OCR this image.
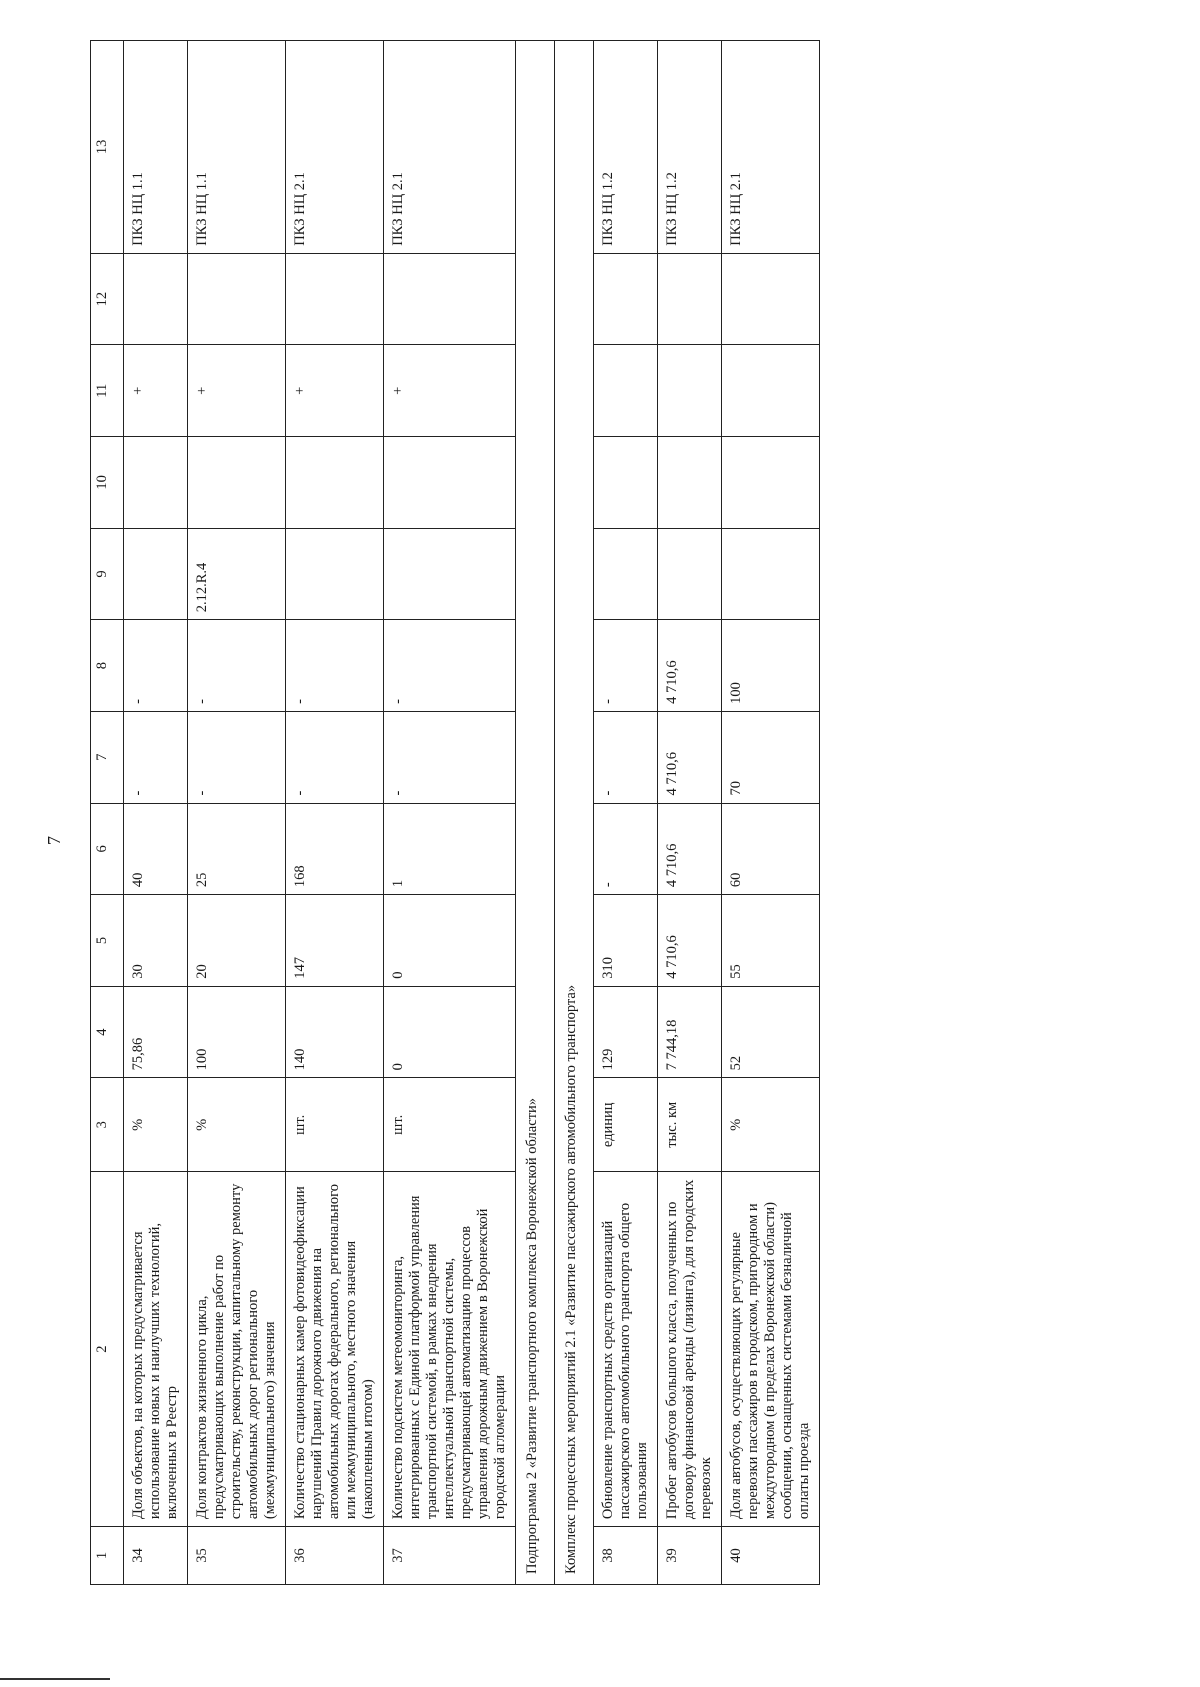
7
1	2	3	4	5	6	7	8	9	10	11	12	13
34	Доля объектов, на которых предусматривается использование новых и наилучших технологий, включенных в Реестр	%	75,86	30	40	-	-			+		ПКЗ НЦ 1.1
35	Доля контрактов жизненного цикла, предусматривающих выполнение работ по строительству, реконструкции, капитальному ремонту автомобильных дорог регионального (межмуниципального) значения	%	100	20	25	-	-	2.12.R.4		+		ПКЗ НЦ 1.1
36	Количество стационарных камер фотовидеофиксации нарушений Правил дорожного движения на автомобильных дорогах федерального, регионального или межмуниципального, местного значения (накопленным итогом)	шт.	140	147	168	-	-			+		ПКЗ НЦ 2.1
37	Количество подсистем метеомониторинга, интегрированных с Единой платформой управления транспортной системой, в рамках внедрения интеллектуальной транспортной системы, предусматривающей автоматизацию процессов управления дорожным движением в Воронежской городской агломерации	шт.	0	0	1	-	-			+		ПКЗ НЦ 2.1
Подпрограмма 2 «Развитие транспортного комплекса Воронежской области»												
Комплекс процессных мероприятий 2.1 «Развитие пассажирского автомобильного транспорта»												
38	Обновление транспортных средств организаций пассажирского автомобильного транспорта общего пользования	единиц	129	310	-	-	-					ПКЗ НЦ 1.2
39	Пробег автобусов большого класса, полученных по договору финансовой аренды (лизинга), для городских перевозок	тыс. км	7 744,18	4 710,6	4 710,6	4 710,6	4 710,6					ПКЗ НЦ 1.2
40	Доля автобусов, осуществляющих регулярные перевозки пассажиров в городском, пригородном и междугородном (в пределах Воронежской области) сообщении, оснащенных системами безналичной оплаты проезда	%	52	55	60	70	100					ПКЗ НЦ 2.1
